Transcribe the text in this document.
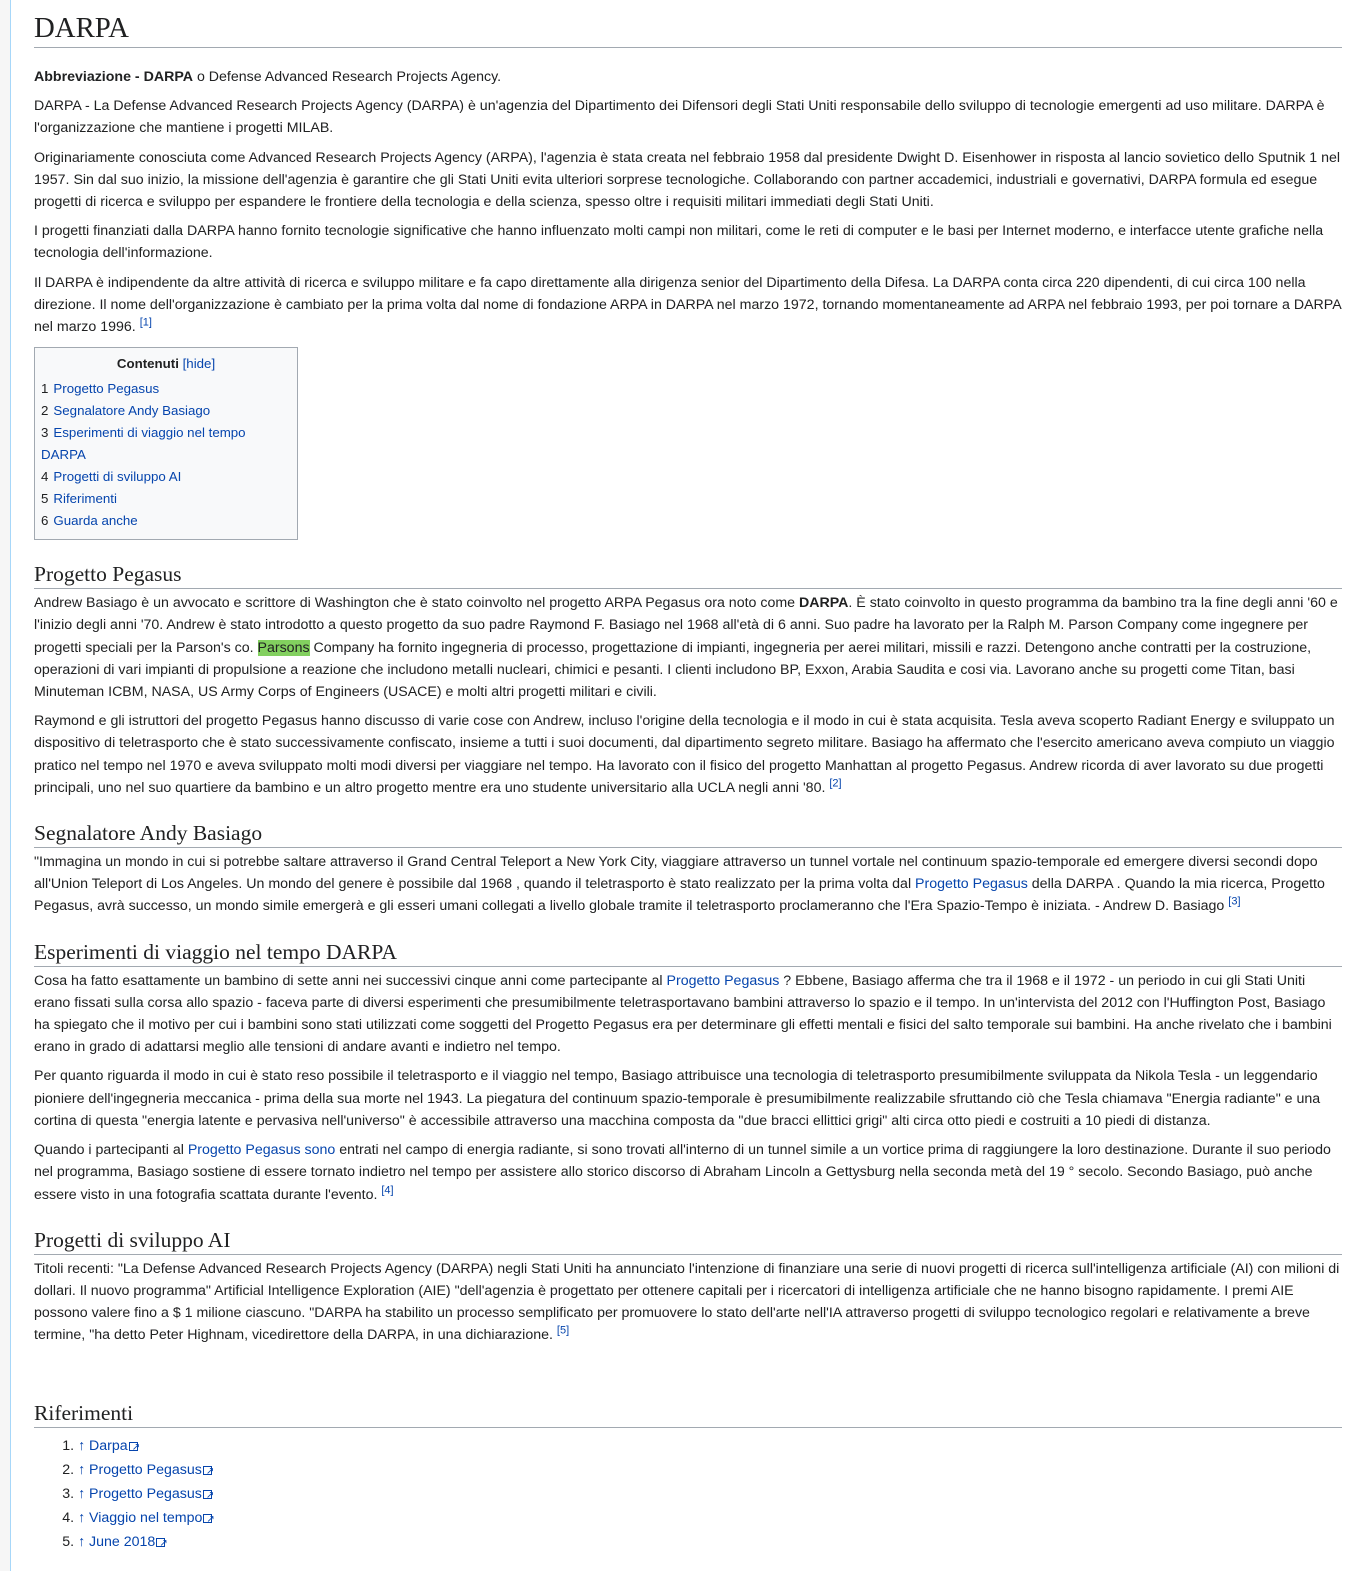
DARPA

Abbreviazione - DARPA o Defense Advanced Research Projects Agency.

DARPA - La Defense Advanced Research Projects Agency (DARPA) è un'agenzia del Dipartimento dei Difensori degli Stati Uniti responsabile dello sviluppo di tecnologie emergenti ad uso militare. DARPA è l'organizzazione che mantiene i progetti MILAB.

Originariamente conosciuta come Advanced Research Projects Agency (ARPA), l'agenzia è stata creata nel febbraio 1958 dal presidente Dwight D. Eisenhower in risposta al lancio sovietico dello Sputnik 1 nel 1957. Sin dal suo inizio, la missione dell'agenzia è garantire che gli Stati Uniti evita ulteriori sorprese tecnologiche. Collaborando con partner accademici, industriali e governativi, DARPA formula ed esegue progetti di ricerca e sviluppo per espandere le frontiere della tecnologia e della scienza, spesso oltre i requisiti militari immediati degli Stati Uniti.

I progetti finanziati dalla DARPA hanno fornito tecnologie significative che hanno influenzato molti campi non militari, come le reti di computer e le basi per Internet moderno, e interfacce utente grafiche nella tecnologia dell'informazione.

Il DARPA è indipendente da altre attività di ricerca e sviluppo militare e fa capo direttamente alla dirigenza senior del Dipartimento della Difesa. La DARPA conta circa 220 dipendenti, di cui circa 100 nella direzione. Il nome dell'organizzazione è cambiato per la prima volta dal nome di fondazione ARPA in DARPA nel marzo 1972, tornando momentaneamente ad ARPA nel febbraio 1993, per poi tornare a DARPA nel marzo 1996. [1]

Contenuti [hide]
1 Progetto Pegasus
2 Segnalatore Andy Basiago
3 Esperimenti di viaggio nel tempo DARPA
4 Progetti di sviluppo AI
5 Riferimenti
6 Guarda anche
Progetto Pegasus

Andrew Basiago è un avvocato e scrittore di Washington che è stato coinvolto nel progetto ARPA Pegasus ora noto come DARPA. È stato coinvolto in questo programma da bambino tra la fine degli anni '60 e l'inizio degli anni '70. Andrew è stato introdotto a questo progetto da suo padre Raymond F. Basiago nel 1968 all'età di 6 anni. Suo padre ha lavorato per la Ralph M. Parson Company come ingegnere per progetti speciali per la Parson's co. Parsons Company ha fornito ingegneria di processo, progettazione di impianti, ingegneria per aerei militari, missili e razzi. Detengono anche contratti per la costruzione, operazioni di vari impianti di propulsione a reazione che includono metalli nucleari, chimici e pesanti. I clienti includono BP, Exxon, Arabia Saudita e cosi via. Lavorano anche su progetti come Titan, basi Minuteman ICBM, NASA, US Army Corps of Engineers (USACE) e molti altri progetti militari e civili.

Raymond e gli istruttori del progetto Pegasus hanno discusso di varie cose con Andrew, incluso l'origine della tecnologia e il modo in cui è stata acquisita. Tesla aveva scoperto Radiant Energy e sviluppato un dispositivo di teletrasporto che è stato successivamente confiscato, insieme a tutti i suoi documenti, dal dipartimento segreto militare. Basiago ha affermato che l'esercito americano aveva compiuto un viaggio pratico nel tempo nel 1970 e aveva sviluppato molti modi diversi per viaggiare nel tempo. Ha lavorato con il fisico del progetto Manhattan al progetto Pegasus. Andrew ricorda di aver lavorato su due progetti principali, uno nel suo quartiere da bambino e un altro progetto mentre era uno studente universitario alla UCLA negli anni '80. [2]

Segnalatore Andy Basiago

"Immagina un mondo in cui si potrebbe saltare attraverso il Grand Central Teleport a New York City, viaggiare attraverso un tunnel vortale nel continuum spazio-temporale ed emergere diversi secondi dopo all'Union Teleport di Los Angeles. Un mondo del genere è possibile dal 1968 , quando il teletrasporto è stato realizzato per la prima volta dal Progetto Pegasus della DARPA . Quando la mia ricerca, Progetto Pegasus, avrà successo, un mondo simile emergerà e gli esseri umani collegati a livello globale tramite il teletrasporto proclameranno che l'Era Spazio-Tempo è iniziata. - Andrew D. Basiago [3]

Esperimenti di viaggio nel tempo DARPA

Cosa ha fatto esattamente un bambino di sette anni nei successivi cinque anni come partecipante al Progetto Pegasus ? Ebbene, Basiago afferma che tra il 1968 e il 1972 - un periodo in cui gli Stati Uniti erano fissati sulla corsa allo spazio - faceva parte di diversi esperimenti che presumibilmente teletrasportavano bambini attraverso lo spazio e il tempo. In un'intervista del 2012 con l'Huffington Post, Basiago ha spiegato che il motivo per cui i bambini sono stati utilizzati come soggetti del Progetto Pegasus era per determinare gli effetti mentali e fisici del salto temporale sui bambini. Ha anche rivelato che i bambini erano in grado di adattarsi meglio alle tensioni di andare avanti e indietro nel tempo.

Per quanto riguarda il modo in cui è stato reso possibile il teletrasporto e il viaggio nel tempo, Basiago attribuisce una tecnologia di teletrasporto presumibilmente sviluppata da Nikola Tesla - un leggendario pioniere dell'ingegneria meccanica - prima della sua morte nel 1943. La piegatura del continuum spazio-temporale è presumibilmente realizzabile sfruttando ciò che Tesla chiamava "Energia radiante" e una cortina di questa "energia latente e pervasiva nell'universo" è accessibile attraverso una macchina composta da "due bracci ellittici grigi" alti circa otto piedi e costruiti a 10 piedi di distanza.

Quando i partecipanti al Progetto Pegasus sono entrati nel campo di energia radiante, si sono trovati all'interno di un tunnel simile a un vortice prima di raggiungere la loro destinazione. Durante il suo periodo nel programma, Basiago sostiene di essere tornato indietro nel tempo per assistere allo storico discorso di Abraham Lincoln a Gettysburg nella seconda metà del 19 ° secolo. Secondo Basiago, può anche essere visto in una fotografia scattata durante l'evento. [4]

Progetti di sviluppo AI

Titoli recenti: "La Defense Advanced Research Projects Agency (DARPA) negli Stati Uniti ha annunciato l'intenzione di finanziare una serie di nuovi progetti di ricerca sull'intelligenza artificiale (AI) con milioni di dollari. Il nuovo programma" Artificial Intelligence Exploration (AIE) "dell'agenzia è progettato per ottenere capitali per i ricercatori di intelligenza artificiale che ne hanno bisogno rapidamente. I premi AIE possono valere fino a $ 1 milione ciascuno. "DARPA ha stabilito un processo semplificato per promuovere lo stato dell'arte nell'IA attraverso progetti di sviluppo tecnologico regolari e relativamente a breve termine, "ha detto Peter Highnam, vicedirettore della DARPA, in una dichiarazione. [5]

Riferimenti
1. ↑ Darpa↗
2. ↑ Progetto Pegasus↗
3. ↑ Progetto Pegasus↗
4. ↑ Viaggio nel tempo↗
5. ↑ June 2018↗
